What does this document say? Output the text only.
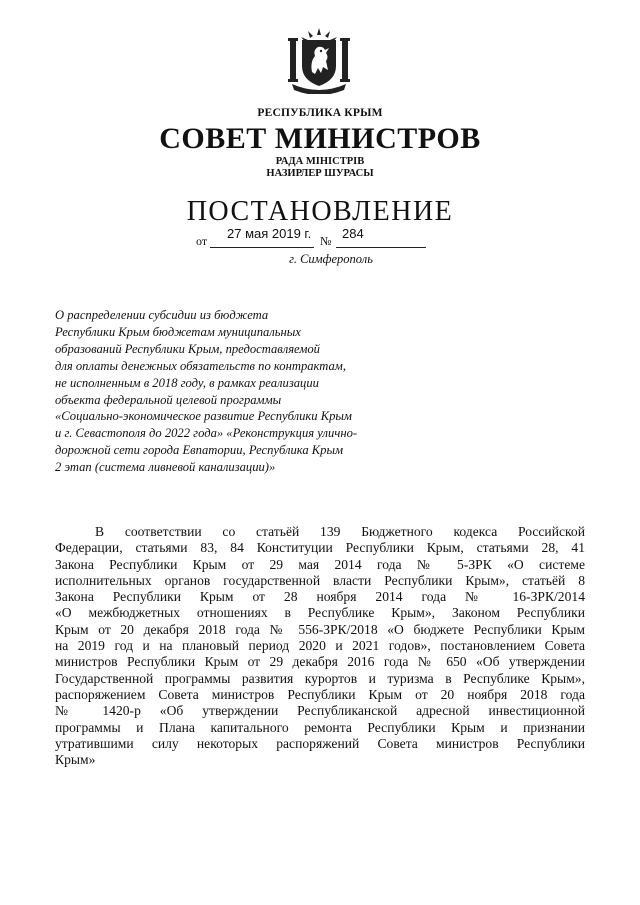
РЕСПУБЛИКА КРЫМ
СОВЕТ МИНИСТРОВ
РАДА МІНІСТРІВ
НАЗИРЛЕР ШУРАСЫ
ПОСТАНОВЛЕНИЕ
от 27 мая 2019 г. № 284
г. Симферополь
О распределении субсидии из бюджета
Республики Крым бюджетам муниципальных
образований Республики Крым, предоставляемой
для оплаты денежных обязательств по контрактам,
не исполненным в 2018 году, в рамках реализации
объекта федеральной целевой программы
«Социально-экономическое развитие Республики Крым
и г. Севастополя до 2022 года» «Реконструкция улично-
дорожной сети города Евпатории, Республика Крым
2 этап (система ливневой канализации)»
В соответствии со статьёй 139 Бюджетного кодекса Российской
Федерации, статьями 83, 84 Конституции Республики Крым, статьями 28, 41
Закона Республики Крым от 29 мая 2014 года № 5-ЗРК «О системе
исполнительных органов государственной власти Республики Крым», статьёй 8
Закона Республики Крым от 28 ноября 2014 года № 16-ЗРК/2014
«О межбюджетных отношениях в Республике Крым», Законом Республики
Крым от 20 декабря 2018 года № 556-ЗРК/2018 «О бюджете Республики Крым
на 2019 год и на плановый период 2020 и 2021 годов», постановлением Совета
министров Республики Крым от 29 декабря 2016 года № 650 «Об утверждении
Государственной программы развития курортов и туризма в Республике Крым»,
распоряжением Совета министров Республики Крым от 20 ноября 2018 года
№ 1420-р «Об утверждении Республиканской адресной инвестиционной
программы и Плана капитального ремонта Республики Крым и признании
утратившими силу некоторых распоряжений Совета министров Республики
Крым»
